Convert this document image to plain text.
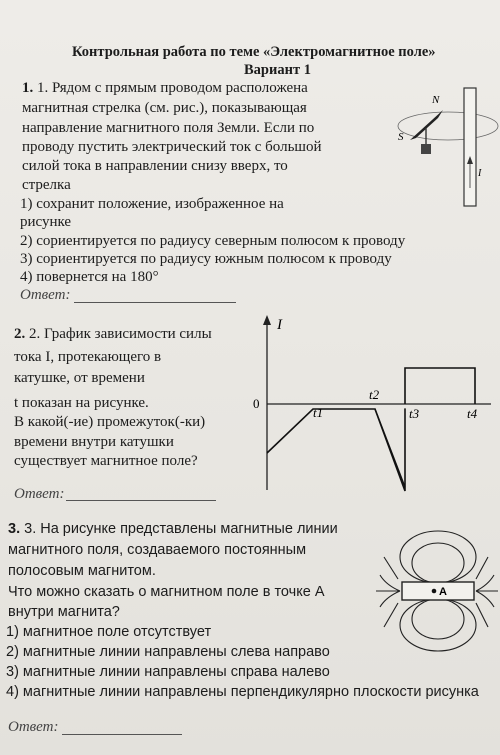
Контрольная работа по теме «Электромагнитное поле»
Вариант 1
1. 1. Рядом с прямым проводом расположена
магнитная стрелка (см. рис.), показывающая
направление магнитного поля Земли. Если по
проводу пустить электрический ток с большой
силой тока в направлении снизу вверх, то
стрелка
1) сохранит положение, изображенное на
рисунке
2) сориентируется по радиусу северным полюсом к проводу
3) сориентируется по радиусу южным полюсом к проводу
4) повернется на 180°
Ответ:
N
S
I
2. 2. График зависимости силы
тока I, протекающего в
катушке, от времени
t показан на рисунке.
В какой(-ие) промежуток(-ки)
времени внутри катушки
существует магнитное поле?
Ответ:
I
0
t1
t2
t3	t4
3. 3. На рисунке представлены магнитные линии
магнитного поля, создаваемого постоянным
полосовым магнитом.
Что можно сказать о магнитном поле в точке А
внутри магнита?
1) магнитное поле отсутствует
2) магнитные линии направлены слева направо
3) магнитные линии направлены справа налево
4) магнитные линии направлены перпендикулярно плоскости рисунка
Ответ:
A
